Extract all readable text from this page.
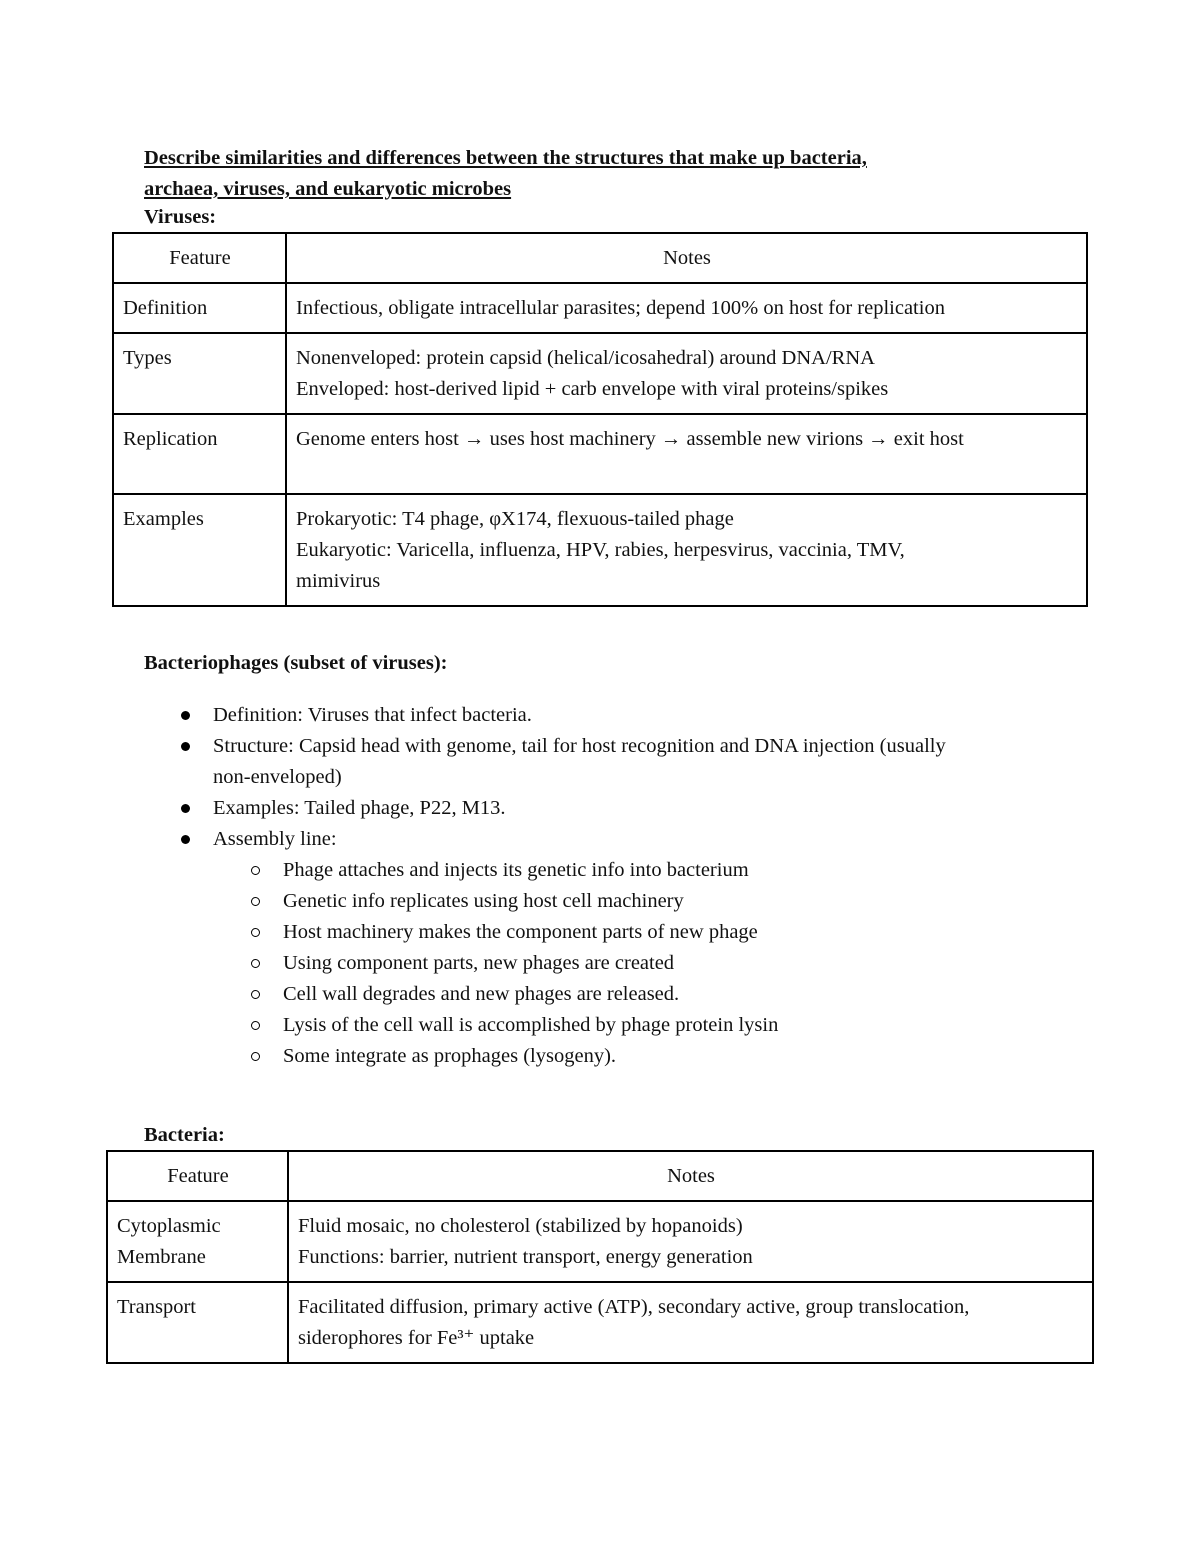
Describe similarities and differences between the structures that make up bacteria,
archaea, viruses, and eukaryotic microbes
Viruses:
Feature	Notes
Definition	Infectious, obligate intracellular parasites; depend 100% on host for replication

Types	Nonenveloped: protein capsid (helical/icosahedral) around DNA/RNA
Enveloped: host-derived lipid + carb envelope with viral proteins/spikes

Replication	Genome enters host → uses host machinery → assemble new virions → exit host

Examples	Prokaryotic: T4 phage, φX174, flexuous-tailed phage
Eukaryotic: Varicella, influenza, HPV, rabies, herpesvirus, vaccinia, TMV,
mimivirus
Bacteriophages (subset of viruses):
Definition: Viruses that infect bacteria.
Structure: Capsid head with genome, tail for host recognition and DNA injection (usually
non-enveloped)
Examples: Tailed phage, P22, M13.
Assembly line:
Phage attaches and injects its genetic info into bacterium
Genetic info replicates using host cell machinery
Host machinery makes the component parts of new phage
Using component parts, new phages are created
Cell wall degrades and new phages are released.
Lysis of the cell wall is accomplished by phage protein lysin
Some integrate as prophages (lysogeny).
Bacteria:
Feature	Notes

Cytoplasmic
Membrane	Fluid mosaic, no cholesterol (stabilized by hopanoids)
Functions: barrier, nutrient transport, energy generation

Transport	Facilitated diffusion, primary active (ATP), secondary active, group translocation,
siderophores for Fe³⁺ uptake
